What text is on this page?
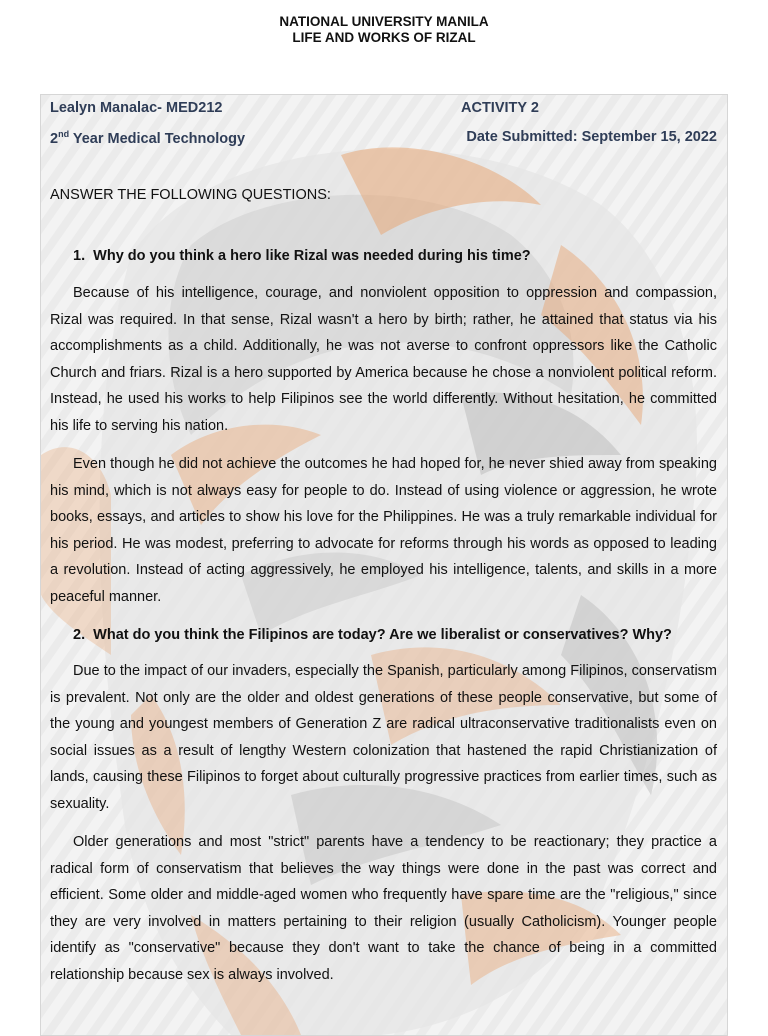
NATIONAL UNIVERSITY MANILA
LIFE AND WORKS OF RIZAL
Lealyn Manalac- MED212	ACTIVITY 2
2nd Year Medical Technology	Date Submitted: September 15, 2022
ANSWER THE FOLLOWING QUESTIONS:
1. Why do you think a hero like Rizal was needed during his time?
Because of his intelligence, courage, and nonviolent opposition to oppression and compassion, Rizal was required. In that sense, Rizal wasn't a hero by birth; rather, he attained that status via his accomplishments as a child. Additionally, he was not averse to confront oppressors like the Catholic Church and friars. Rizal is a hero supported by America because he chose a nonviolent political reform. Instead, he used his works to help Filipinos see the world differently. Without hesitation, he committed his life to serving his nation.
Even though he did not achieve the outcomes he had hoped for, he never shied away from speaking his mind, which is not always easy for people to do. Instead of using violence or aggression, he wrote books, essays, and articles to show his love for the Philippines. He was a truly remarkable individual for his period. He was modest, preferring to advocate for reforms through his words as opposed to leading a revolution. Instead of acting aggressively, he employed his intelligence, talents, and skills in a more peaceful manner.
2. What do you think the Filipinos are today? Are we liberalist or conservatives? Why?
Due to the impact of our invaders, especially the Spanish, particularly among Filipinos, conservatism is prevalent. Not only are the older and oldest generations of these people conservative, but some of the young and youngest members of Generation Z are radical ultraconservative traditionalists even on social issues as a result of lengthy Western colonization that hastened the rapid Christianization of lands, causing these Filipinos to forget about culturally progressive practices from earlier times, such as sexuality.
Older generations and most "strict" parents have a tendency to be reactionary; they practice a radical form of conservatism that believes the way things were done in the past was correct and efficient. Some older and middle-aged women who frequently have spare time are the "religious," since they are very involved in matters pertaining to their religion (usually Catholicism). Younger people identify as "conservative" because they don't want to take the chance of being in a committed relationship because sex is always involved.
